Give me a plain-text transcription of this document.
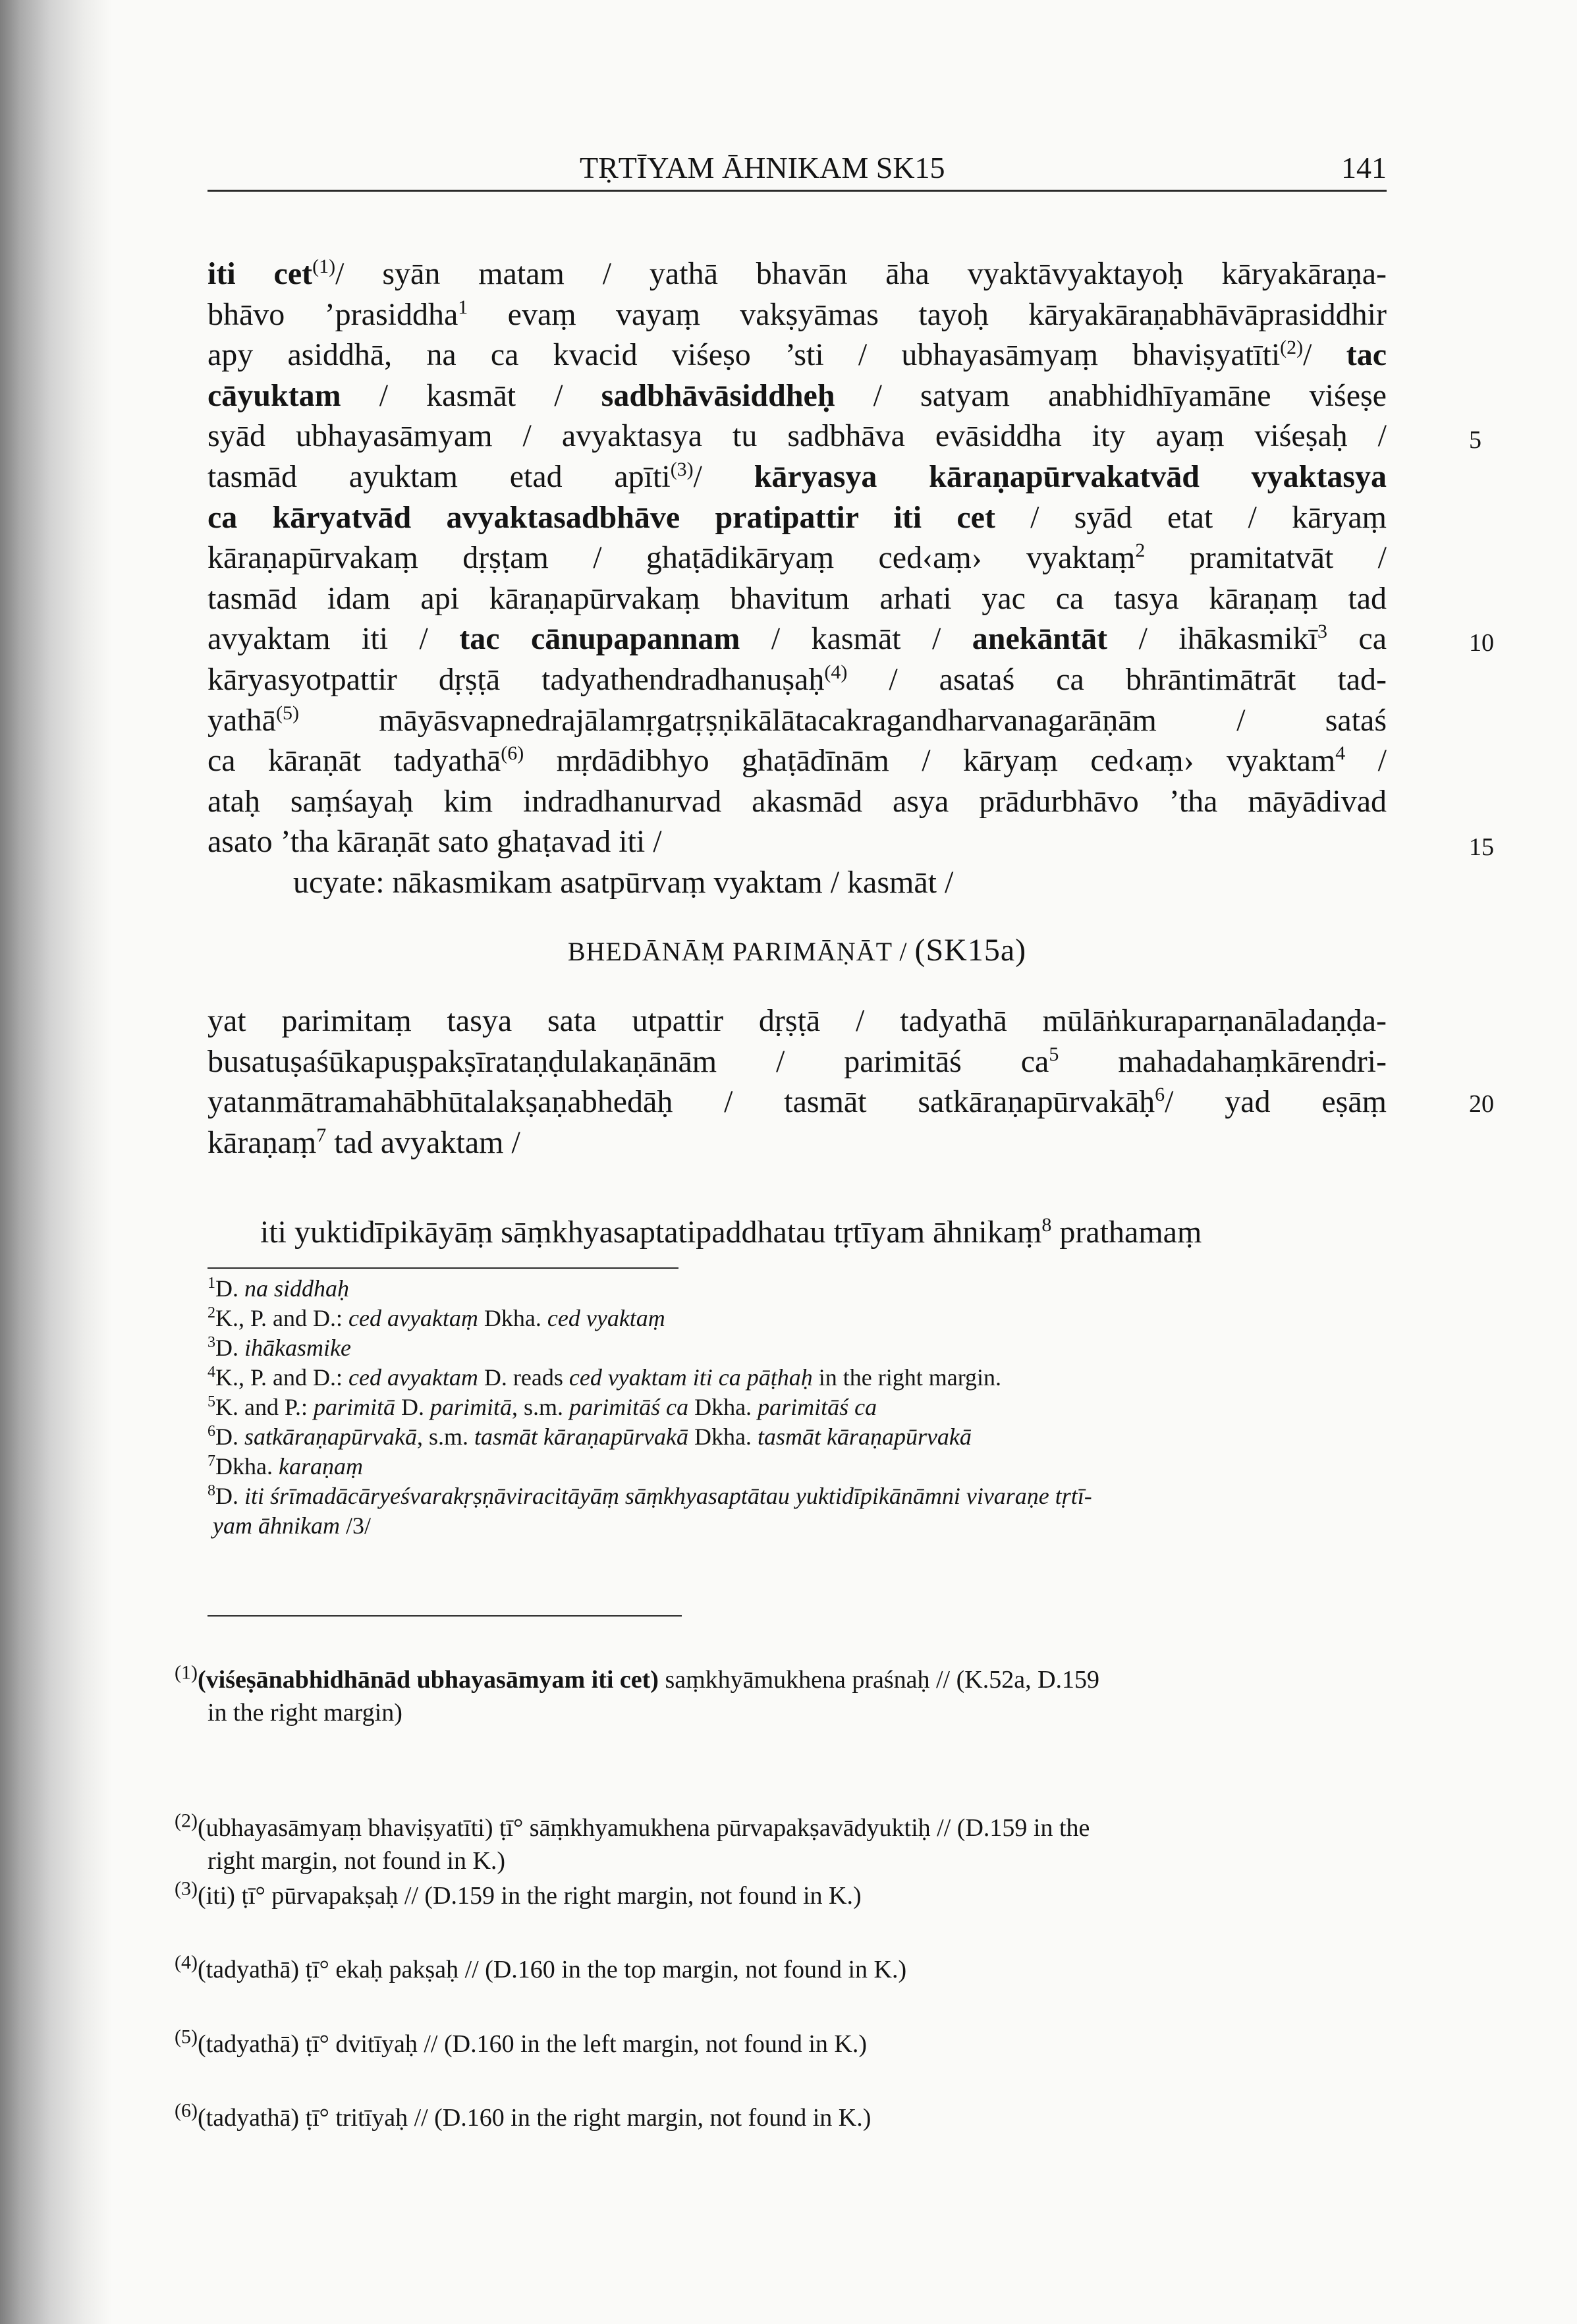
TṚTĪYAM ĀHNIKAM SK15	141
iti cet$^{(1)}$/ syān matam / yathā bhavān āha vyaktāvyaktayoḥ kāryakāraṇa-
bhāvo ’prasiddha$^1$ evaṃ vayaṃ vakṣyāmas tayoḥ kāryakāraṇabhāvāprasiddhir
apy asiddhā, na ca kvacid viśeṣo ’sti / ubhayasāmyaṃ bhaviṣyatīti$^{(2)}$/ tac
cāyuktam / kasmāt / sadbhāvāsiddheḥ / satyam anabhidhīyamāne viśeṣe
syād ubhayasāmyam / avyaktasya tu sadbhāva evāsiddha ity ayaṃ viśeṣaḥ /
tasmād ayuktam etad apīti$^{(3)}$/ kāryasya kāraṇapūrvakatvād vyaktasya
ca kāryatvād avyaktasadbhāve pratipattir iti cet / syād etat / kāryaṃ
kāraṇapūrvakaṃ dṛṣṭam / ghaṭādikāryaṃ ced‹aṃ› vyaktaṃ$^2$ pramitatvāt /
tasmād idam api kāraṇapūrvakaṃ bhavitum arhati yac ca tasya kāraṇaṃ tad
avyaktam iti / tac cānupapannam / kasmāt / anekāntāt / ihākasmikī$^3$ ca
kāryasyotpattir dṛṣṭā tadyathendradhanuṣaḥ$^{(4)}$ / asataś ca bhrāntimātrāt tad-
yathā$^{(5)}$ māyāsvapnedrajālamṛgatṛṣṇikālātacakragandharvanagarāṇām / sataś
ca kāraṇāt tadyathā$^{(6)}$ mṛdādibhyo ghaṭādīnām / kāryaṃ ced‹aṃ› vyaktam$^4$ /
ataḥ saṃśayaḥ kim indradhanurvad akasmād asya prādurbhāvo ’tha māyādivad
asato ’tha kāraṇāt sato ghaṭavad iti /
ucyate: nākasmikam asatpūrvaṃ vyaktam / kasmāt /
5
10
15
BHEDĀNĀṂ PARIMĀṆĀT / (SK15a)
yat parimitaṃ tasya sata utpattir dṛṣṭā / tadyathā mūlāṅkuraparṇanāladaṇḍa-
busatuṣaśūkapuṣpakṣīrataṇḍulakaṇānām / parimitāś $ca^5$ mahadahaṃkārendri-
yatanmātramahābhūtalakṣaṇabhedāḥ / tasmāt satkāraṇapūrvakāḥ$^6$/ yad eṣāṃ
kāraṇaṃ$^7$ tad avyaktam /
20
iti yuktidīpikāyāṃ sāṃkhyasaptatipaddhatau tṛtīyam āhnikaṃ$^8$ prathamaṃ
$^1$D. na siddhaḥ
$^2$K., P. and D.: ced avyaktaṃ Dkha. ced vyaktaṃ
$^3$D. ihākasmike
$^4$K., P. and D.: ced avyaktam D. reads ced vyaktam iti ca pāṭhaḥ in the right margin.
$^5$K. and P.: parimitā D. parimitā, s.m. parimitāś ca Dkha. parimitāś ca
$^6$D. satkāraṇapūrvakā, s.m. tasmāt kāraṇapūrvakā Dkha. tasmāt kāraṇapūrvakā
$^7$Dkha. karaṇaṃ
$^8$D. iti śrīmadācāryeśvarakṛṣṇāviracitāyāṃ sāṃkhyasaptātau yuktidīpikānāmni vivaraṇe tṛtī-
yam āhnikam /3/
$^{(1)}$(viśeṣānabhidhānād ubhayasāmyam iti cet) saṃkhyāmukhena praśnaḥ // (K.52a, D.159
in the right margin)
$^{(2)}$(ubhayasāmyaṃ bhaviṣyatīti) ṭī° sāṃkhyamukhena pūrvapakṣavādyuktiḥ // (D.159 in the
right margin, not found in K.)
$^{(3)}$(iti) ṭī° pūrvapakṣaḥ // (D.159 in the right margin, not found in K.)
$^{(4)}$(tadyathā) ṭī° ekaḥ pakṣaḥ // (D.160 in the top margin, not found in K.)
$^{(5)}$(tadyathā) ṭī° dvitīyaḥ // (D.160 in the left margin, not found in K.)
$^{(6)}$(tadyathā) ṭī° tritīyaḥ // (D.160 in the right margin, not found in K.)
